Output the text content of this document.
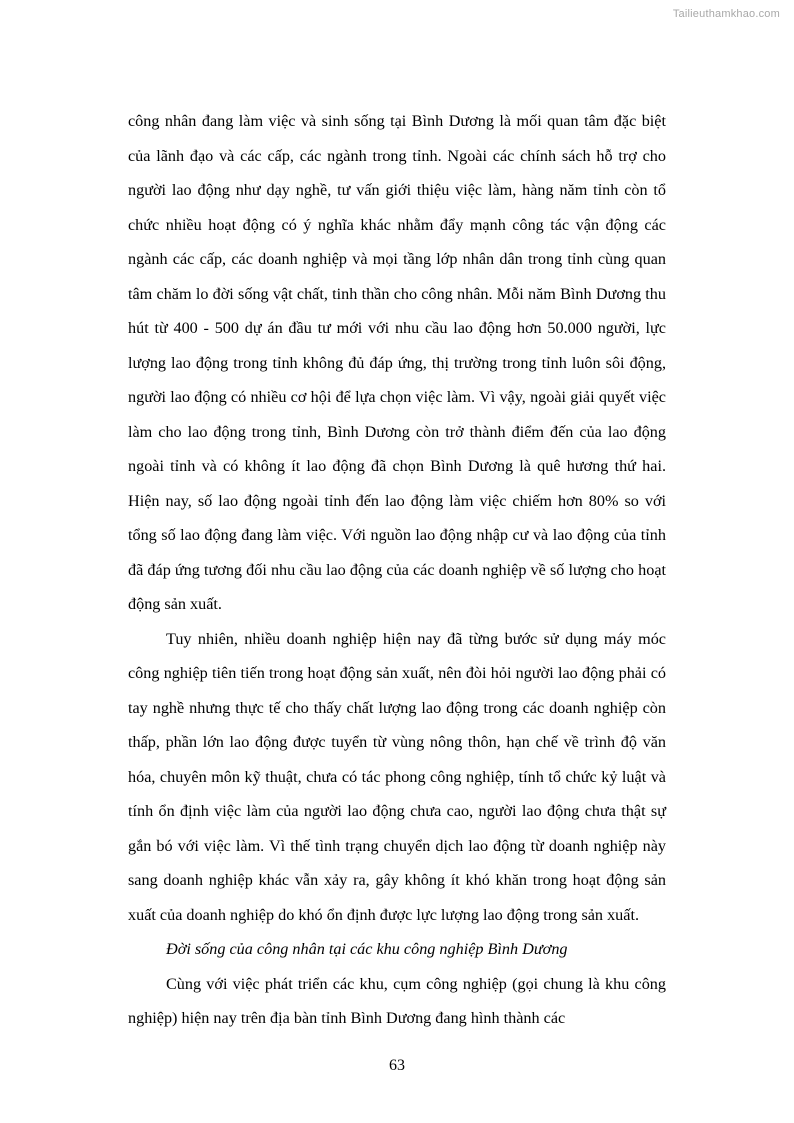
Tailieuthamkhao.com

công nhân đang làm việc và sinh sống tại Bình Dương là mối quan tâm đặc biệt của lãnh đạo và các cấp, các ngành trong tỉnh. Ngoài các chính sách hỗ trợ cho người lao động như dạy nghề, tư vấn giới thiệu việc làm, hàng năm tỉnh còn tổ chức nhiều hoạt động có ý nghĩa khác nhằm đẩy mạnh công tác vận động các ngành các cấp, các doanh nghiệp và mọi tầng lớp nhân dân trong tỉnh cùng quan tâm chăm lo đời sống vật chất, tinh thần cho công nhân. Mỗi năm Bình Dương thu hút từ 400 - 500 dự án đầu tư mới với nhu cầu lao động hơn 50.000 người, lực lượng lao động trong tỉnh không đủ đáp ứng, thị trường trong tỉnh luôn sôi động, người lao động có nhiều cơ hội để lựa chọn việc làm. Vì vậy, ngoài giải quyết việc làm cho lao động trong tỉnh, Bình Dương còn trở thành điểm đến của lao động ngoài tỉnh và có không ít lao động đã chọn Bình Dương là quê hương thứ hai. Hiện nay, số lao động ngoài tỉnh đến lao động làm việc chiếm hơn 80% so với tổng số lao động đang làm việc. Với nguồn lao động nhập cư và lao động của tỉnh đã đáp ứng tương đối nhu cầu lao động của các doanh nghiệp về số lượng cho hoạt động sản xuất.

Tuy nhiên, nhiều doanh nghiệp hiện nay đã từng bước sử dụng máy móc công nghiệp tiên tiến trong hoạt động sản xuất, nên đòi hỏi người lao động phải có tay nghề nhưng thực tế cho thấy chất lượng lao động trong các doanh nghiệp còn thấp, phần lớn lao động được tuyển từ vùng nông thôn, hạn chế về trình độ văn hóa, chuyên môn kỹ thuật, chưa có tác phong công nghiệp, tính tổ chức kỷ luật và tính ổn định việc làm của người lao động chưa cao, người lao động chưa thật sự gắn bó với việc làm. Vì thế tình trạng chuyển dịch lao động từ doanh nghiệp này sang doanh nghiệp khác vẫn xảy ra, gây không ít khó khăn trong hoạt động sản xuất của doanh nghiệp do khó ổn định được lực lượng lao động trong sản xuất.

Đời sống của công nhân tại các khu công nghiệp Bình Dương

Cùng với việc phát triển các khu, cụm công nghiệp (gọi chung là khu công nghiệp) hiện nay trên địa bàn tỉnh Bình Dương đang hình thành các

63
